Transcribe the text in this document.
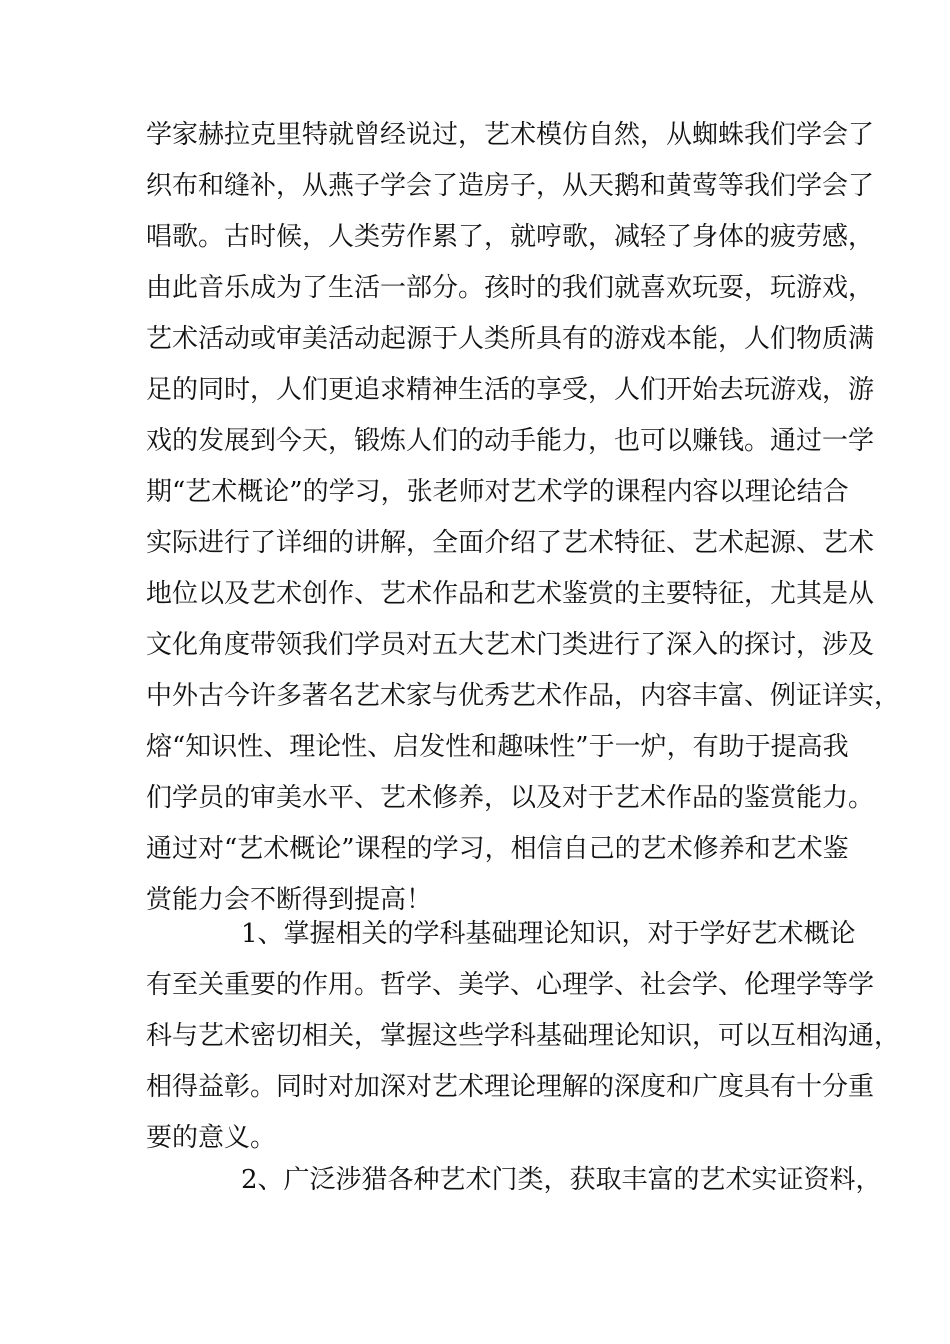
学家赫拉克里特就曾经说过，艺术模仿自然，从蜘蛛我们学会了
织布和缝补，从燕子学会了造房子，从天鹅和黄莺等我们学会了
唱歌。古时候，人类劳作累了，就哼歌，减轻了身体的疲劳感，
由此音乐成为了生活一部分。孩时的我们就喜欢玩耍，玩游戏，
艺术活动或审美活动起源于人类所具有的游戏本能，人们物质满
足的同时，人们更追求精神生活的享受，人们开始去玩游戏，游
戏的发展到今天，锻炼人们的动手能力，也可以赚钱。通过一学
期“艺术概论”的学习，张老师对艺术学的课程内容以理论结合
实际进行了详细的讲解，全面介绍了艺术特征、艺术起源、艺术
地位以及艺术创作、艺术作品和艺术鉴赏的主要特征，尤其是从
文化角度带领我们学员对五大艺术门类进行了深入的探讨，涉及
中外古今许多著名艺术家与优秀艺术作品，内容丰富、例证详实，
熔“知识性、理论性、启发性和趣味性”于一炉，有助于提高我
们学员的审美水平、艺术修养，以及对于艺术作品的鉴赏能力。
通过对“艺术概论”课程的学习，相信自己的艺术修养和艺术鉴
赏能力会不断得到提高！
1、掌握相关的学科基础理论知识，对于学好艺术概论
有至关重要的作用。哲学、美学、心理学、社会学、伦理学等学
科与艺术密切相关，掌握这些学科基础理论知识，可以互相沟通，
相得益彰。同时对加深对艺术理论理解的深度和广度具有十分重
要的意义。
2、广泛涉猎各种艺术门类，获取丰富的艺术实证资料，
